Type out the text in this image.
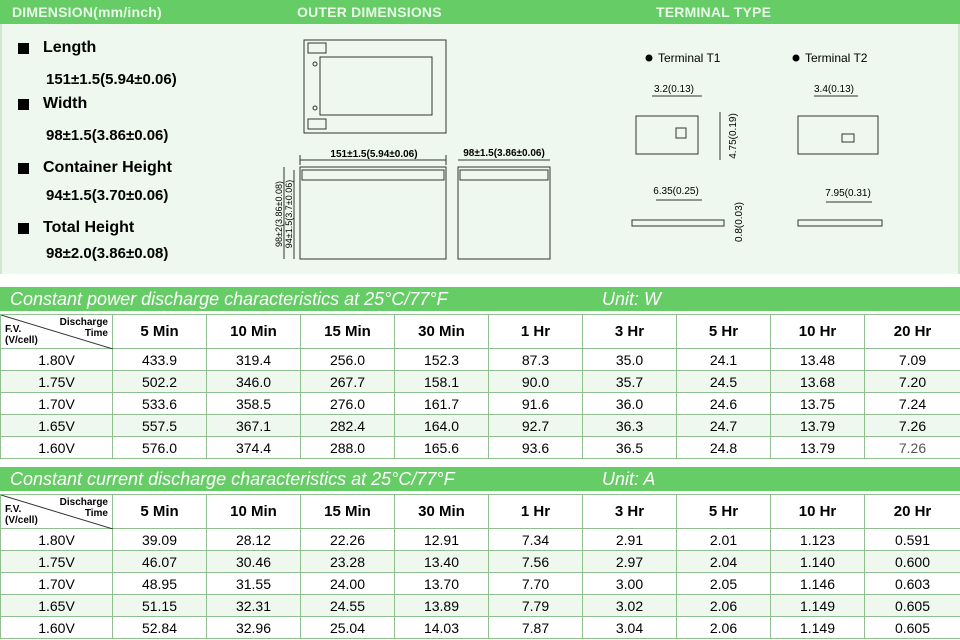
DIMENSION(mm/inch)	OUTER DIMENSIONS	TERMINAL TYPE
Length
151±1.5(5.94±0.06)
Width
98±1.5(3.86±0.06)
Container Height
94±1.5(3.70±0.06)
Total Height
98±2.0(3.86±0.08)
151±1.5(5.94±0.06)
98±2(3.86±0.08) 94±1.5(3.7±0.06)
98±1.5(3.86±0.06)
Terminal T1
3.2(0.13)
4.75(0.19)
6.35(0.25)
0.8(0.03)
Terminal T2
3.4(0.13)
7.95(0.31)
Constant power discharge characteristics at 25°C/77°F	Unit: W
Discharge
Time
F.V.
(V/cell)	5 Min	10 Min	15 Min	30 Min	1 Hr	3 Hr	5 Hr	10 Hr	20 Hr
1.80V	433.9	319.4	256.0	152.3	87.3	35.0	24.1	13.48	7.09
1.75V	502.2	346.0	267.7	158.1	90.0	35.7	24.5	13.68	7.20
1.70V	533.6	358.5	276.0	161.7	91.6	36.0	24.6	13.75	7.24
1.65V	557.5	367.1	282.4	164.0	92.7	36.3	24.7	13.79	7.26
1.60V	576.0	374.4	288.0	165.6	93.6	36.5	24.8	13.79	7.26
Constant current discharge characteristics at 25°C/77°F	Unit: A
Discharge
Time
F.V.
(V/cell)	5 Min	10 Min	15 Min	30 Min	1 Hr	3 Hr	5 Hr	10 Hr	20 Hr
1.80V	39.09	28.12	22.26	12.91	7.34	2.91	2.01	1.123	0.591
1.75V	46.07	30.46	23.28	13.40	7.56	2.97	2.04	1.140	0.600
1.70V	48.95	31.55	24.00	13.70	7.70	3.00	2.05	1.146	0.603
1.65V	51.15	32.31	24.55	13.89	7.79	3.02	2.06	1.149	0.605
1.60V	52.84	32.96	25.04	14.03	7.87	3.04	2.06	1.149	0.605
